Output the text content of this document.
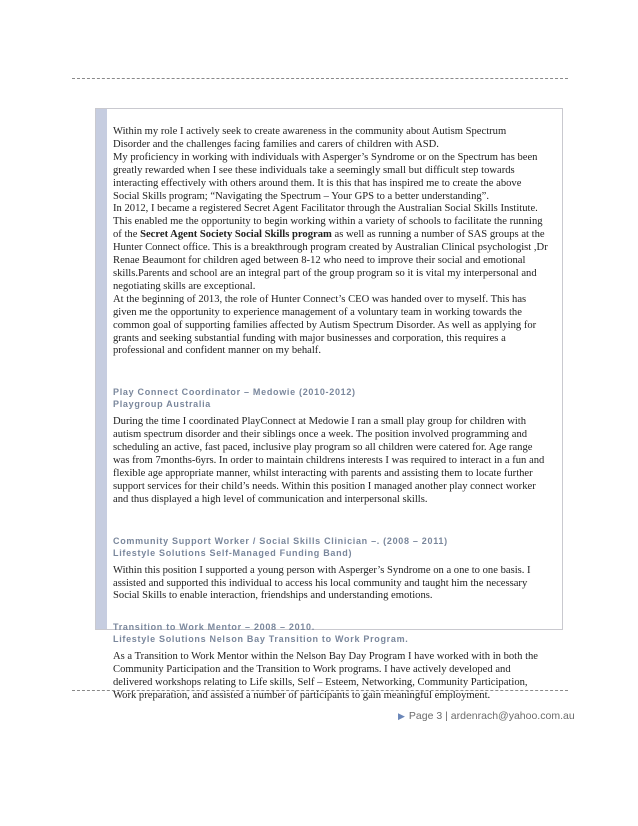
Within my role I actively seek to create awareness in the community about Autism Spectrum

Disorder and the challenges facing families and carers of children with ASD.

My proficiency in working with individuals with Asperger’s Syndrome or on the Spectrum has been

greatly rewarded when I see these individuals take a seemingly small but difficult step towards

interacting effectively with others around them. It is this that has inspired me to create the above

Social Skills program; “Navigating the Spectrum – Your GPS to a better understanding”.

In 2012, I became a registered Secret Agent Facilitator through the Australian Social Skills Institute.

This enabled me the opportunity to begin working within a variety of schools to facilitate the running

of the Secret Agent Society Social Skills program as well as running a number of SAS groups at the

Hunter Connect office. This is a breakthrough program created by Australian Clinical psychologist ,Dr

Renae Beaumont for children aged between 8-12 who need to improve their social and emotional

skills.Parents and school are an integral part of the group program so it is vital my interpersonal and

negotiating skills are exceptional.

At the beginning of 2013, the role of Hunter Connect’s CEO was handed over to myself. This has

given me the opportunity to experience management of a voluntary team in working towards the

common goal of supporting families affected by Autism Spectrum Disorder. As well as applying for

grants and seeking substantial funding with major businesses and corporation, this requires a

professional and confident manner on my behalf.

Play Connect Coordinator – Medowie (2010-2012)

Playgroup Australia

During the time I coordinated PlayConnect at Medowie I ran a small play group for children with

autism spectrum disorder and their siblings once a week. The position involved programming and

scheduling an active, fast paced, inclusive play program so all children were catered for. Age range

was from 7months-6yrs. In order to maintain childrens interests I was required to interact in a fun and

flexible age appropriate manner, whilst interacting with parents and assisting them to locate further

support services for their child’s needs. Within this position I managed another play connect worker

and thus displayed a high level of communication and interpersonal skills.

Community Support Worker / Social Skills Clinician –. (2008 – 2011)

Lifestyle Solutions Self-Managed Funding Band)

Within this position I supported a young person with Asperger’s Syndrome on a one to one basis. I

assisted and supported this individual to access his local community and taught him the necessary

Social Skills to enable interaction, friendships and understanding emotions.

Transition to Work Mentor – 2008 – 2010.

Lifestyle Solutions Nelson Bay Transition to Work Program.

As a Transition to Work Mentor within the Nelson Bay Day Program I have worked with in both the

Community Participation and the Transition to Work programs. I have actively developed and

delivered workshops relating to Life skills, Self – Esteem, Networking, Community Participation,

Work preparation, and assisted a number of participants to gain meaningful employment.

▶ Page 3 | ardenrach@yahoo.com.au
